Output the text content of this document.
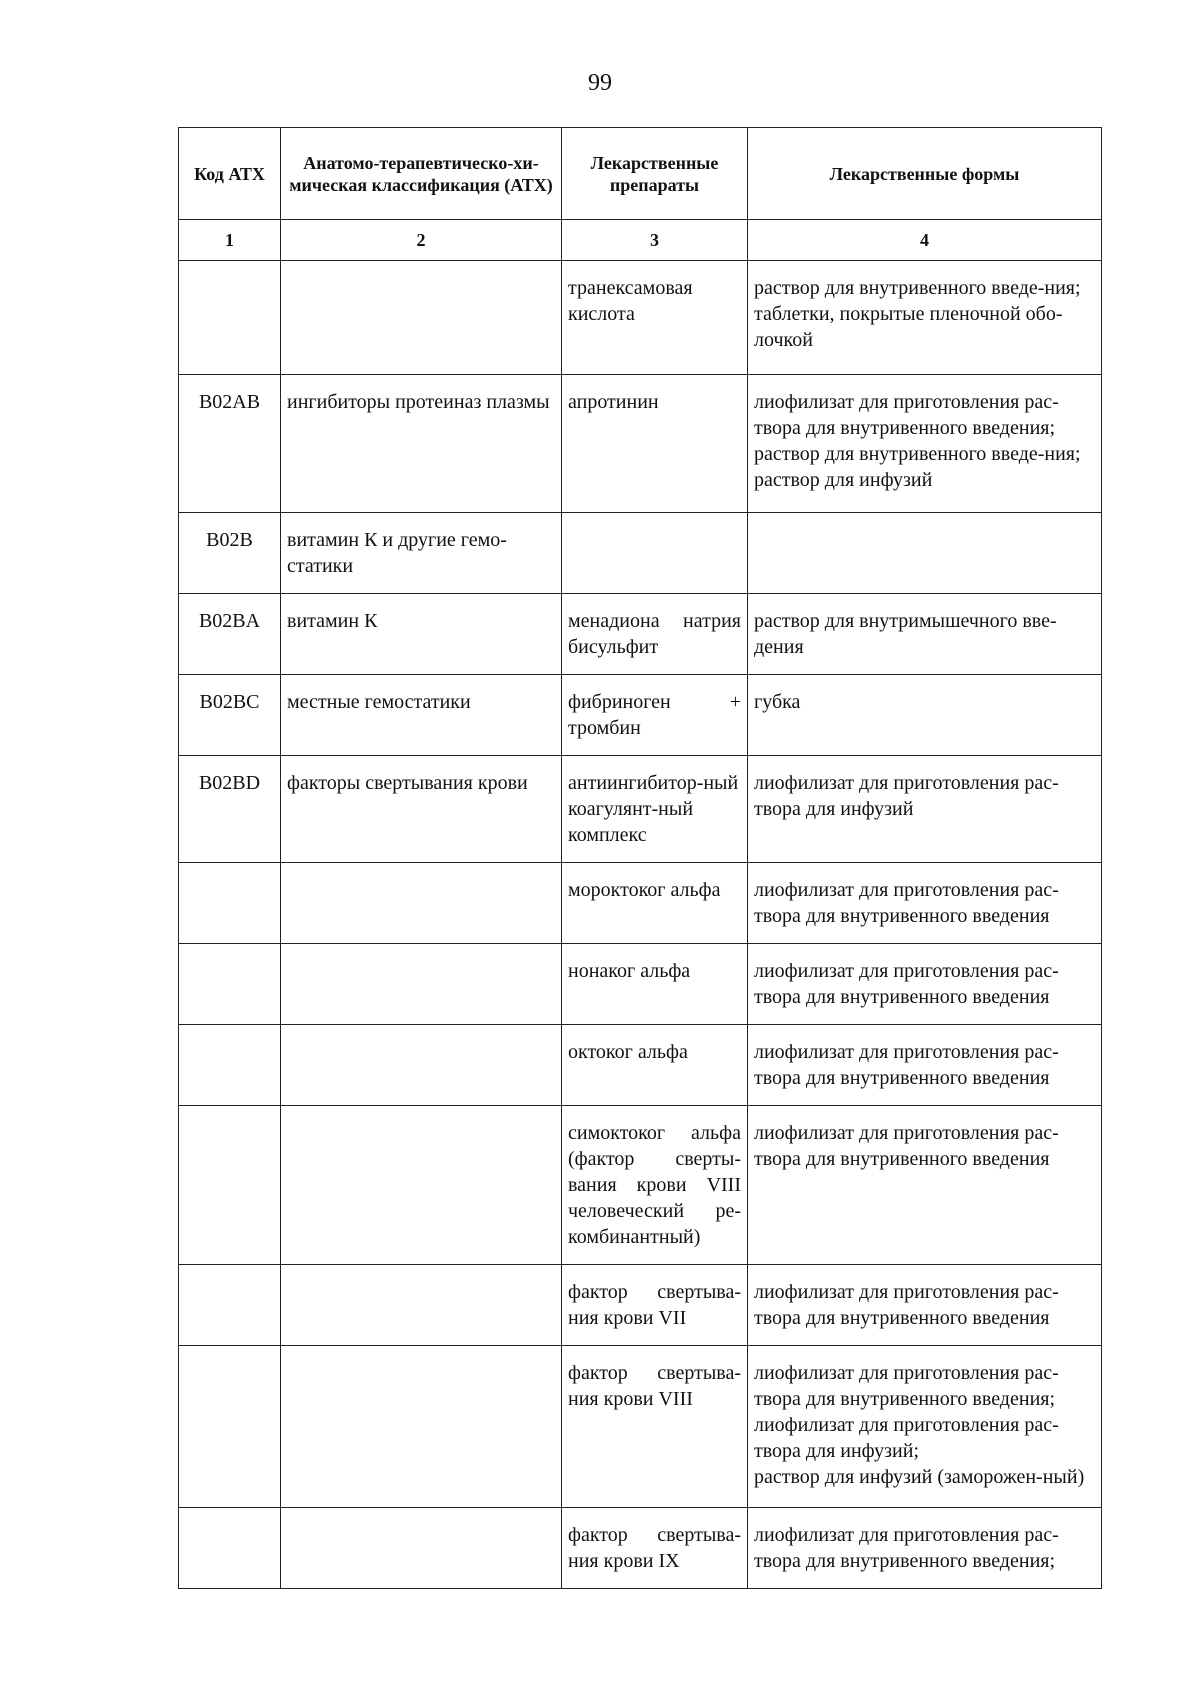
99
Код АТХ	Анатомо-терапевтическо-хи-мическая классификация (АТХ)	Лекарственные препараты	Лекарственные формы
1	2	3	4
		транексамовая кислота	раствор для внутривенного введе-ния;
таблетки, покрытые пленочной обо-лочкой
B02AB	ингибиторы протеиназ плазмы	апротинин	лиофилизат для приготовления рас-твора для внутривенного введения;
раствор для внутривенного введе-ния;
раствор для инфузий
B02B	витамин К и другие гемо-статики		
B02BA	витамин К	менадиона натрия бисульфит	раствор для внутримышечного вве-дения
B02BC	местные гемостатики	фибриноген + тромбин	губка
B02BD	факторы свертывания крови	антиингибитор-ный коагулянт-ный комплекс	лиофилизат для приготовления рас-твора для инфузий
		мороктоког альфа	лиофилизат для приготовления рас-твора для внутривенного введения
		нонаког альфа	лиофилизат для приготовления рас-твора для внутривенного введения
		октоког альфа	лиофилизат для приготовления рас-твора для внутривенного введения
		симоктоког альфа (фактор сверты-вания крови VIII человеческий ре-комбинантный)	лиофилизат для приготовления рас-твора для внутривенного введения
		фактор свертыва-ния крови VII	лиофилизат для приготовления рас-твора для внутривенного введения
		фактор свертыва-ния крови VIII	лиофилизат для приготовления рас-твора для внутривенного введения;
лиофилизат для приготовления рас-твора для инфузий;
раствор для инфузий (заморожен-ный)
		фактор свертыва-ния крови IX	лиофилизат для приготовления рас-твора для внутривенного введения;
